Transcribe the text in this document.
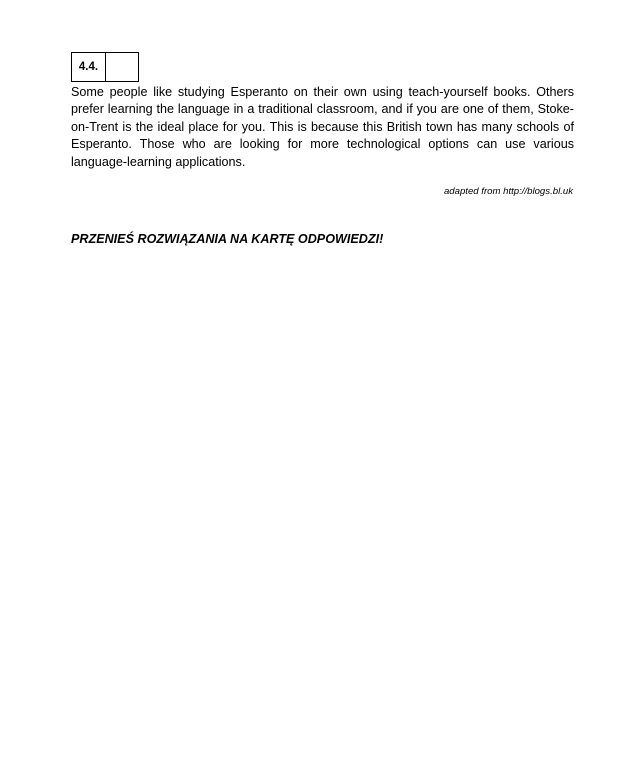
4.4.

Some people like studying Esperanto on their own using teach-yourself books. Others prefer learning the language in a traditional classroom, and if you are one of them, Stoke-on-Trent is the ideal place for you. This is because this British town has many schools of Esperanto. Those who are looking for more technological options can use various language-learning applications.

adapted from http://blogs.bl.uk

PRZENIEŚ ROZWIĄZANIA NA KARTĘ ODPOWIEDZI!
